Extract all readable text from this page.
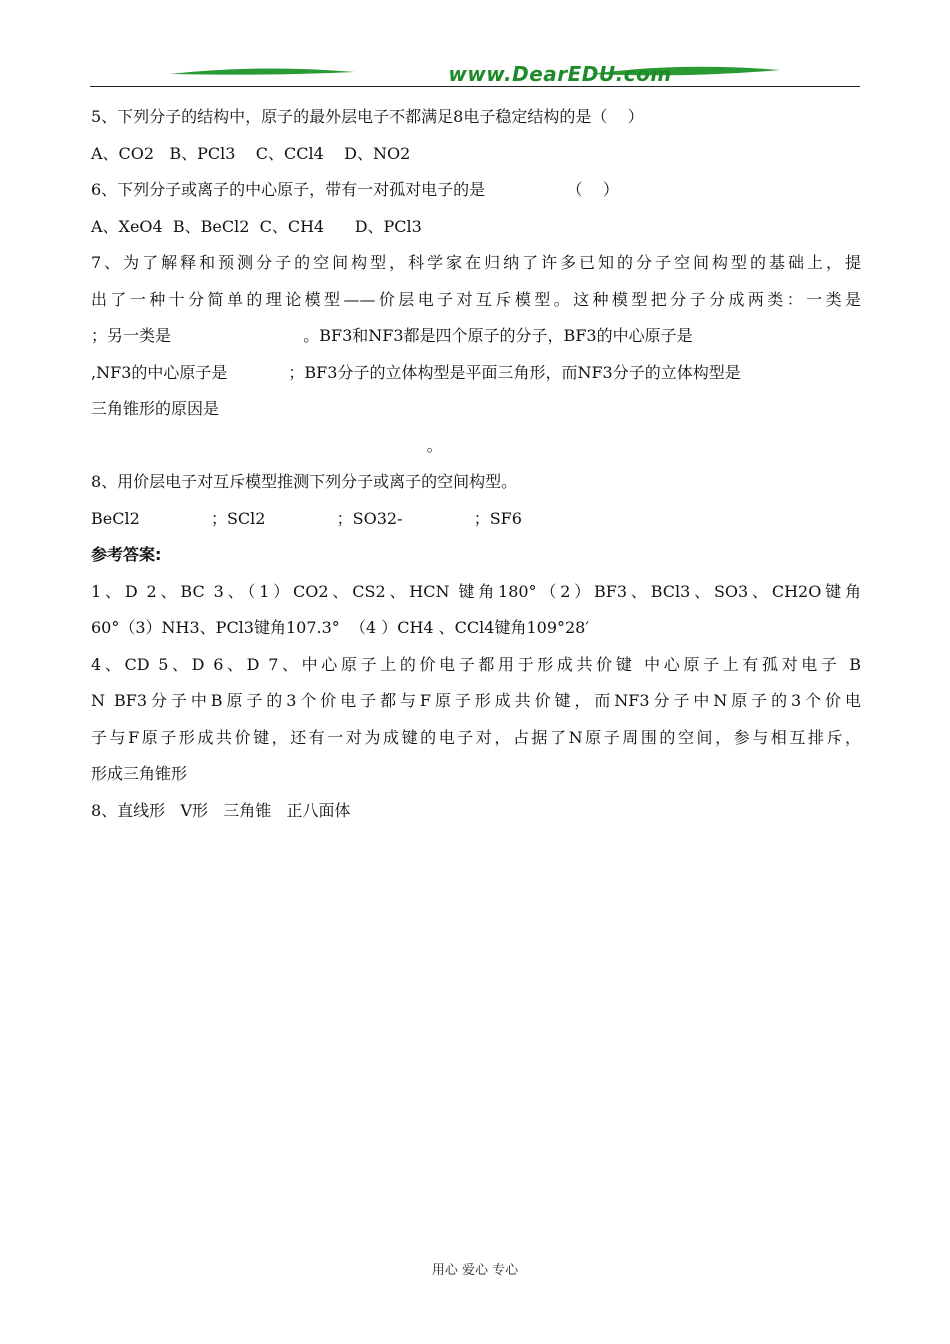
www.DearEDU.com
5、下列分子的结构中，原子的最外层电子不都满足8电子稳定结构的是（    ）
A、CO2   B、PCl3    C、CCl4    D、NO2
6、下列分子或离子的中心原子，带有一对孤对电子的是                （    ）
A、XeO4  B、BeCl2  C、CH4      D、PCl3
7、为了解释和预测分子的空间构型，科学家在归纳了许多已知的分子空间构型的基础上，提
出了一种十分简单的理论模型——价层电子对互斥模型。这种模型把分子分成两类：一类是
；另一类是                          。BF3和NF3都是四个原子的分子，BF3的中心原子是
,NF3的中心原子是            ；BF3分子的立体构型是平面三角形，而NF3分子的立体构型是
三角锥形的原因是
。
8、用价层电子对互斥模型推测下列分子或离子的空间构型。
BeCl2              ；SCl2              ；SO32-              ；SF6
参考答案:
1、D 2、BC 3、（1）CO2、CS2、HCN 键角180°（2）BF3、BCl3、SO3、CH2O键角
60°（3）NH3、PCl3键角107.3°  （4 ）CH4 、CCl4键角109°28′
4、CD 5、D 6、D 7、中心原子上的价电子都用于形成共价键 中心原子上有孤对电子 B
N BF3分子中B原子的3个价电子都与F原子形成共价键，而NF3分子中N原子的3个价电
子与F原子形成共价键，还有一对为成键的电子对，占据了N原子周围的空间，参与相互排斥，
形成三角锥形
8、直线形   V形   三角锥   正八面体
用心 爱心 专心
